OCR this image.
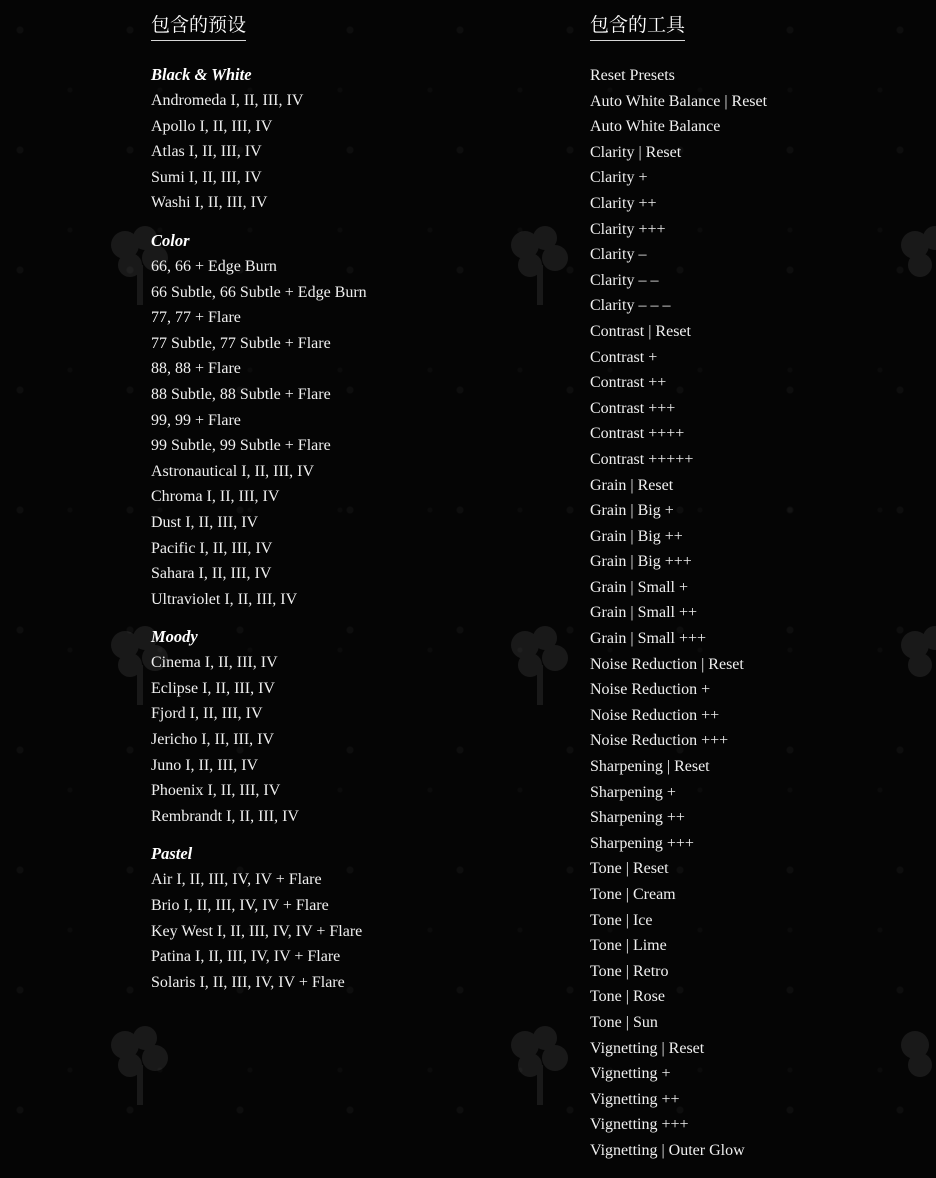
包含的预设
Black & White
Andromeda I, II, III, IV
Apollo I, II, III, IV
Atlas I, II, III, IV
Sumi I, II, III, IV
Washi I, II, III, IV
Color
66, 66 + Edge Burn
66 Subtle, 66 Subtle + Edge Burn
77, 77 + Flare
77 Subtle, 77 Subtle + Flare
88, 88 + Flare
88 Subtle, 88 Subtle + Flare
99, 99 + Flare
99 Subtle, 99 Subtle + Flare
Astronautical I, II, III, IV
Chroma I, II, III, IV
Dust I, II, III, IV
Pacific I, II, III, IV
Sahara I, II, III, IV
Ultraviolet I, II, III, IV
Moody
Cinema I, II, III, IV
Eclipse I, II, III, IV
Fjord I, II, III, IV
Jericho I, II, III, IV
Juno I, II, III, IV
Phoenix I, II, III, IV
Rembrandt I, II, III, IV
Pastel
Air I, II, III, IV, IV + Flare
Brio I, II, III, IV, IV + Flare
Key West I, II, III, IV, IV + Flare
Patina I, II, III, IV, IV + Flare
Solaris I, II, III, IV, IV + Flare
包含的工具
Reset Presets
Auto White Balance | Reset
Auto White Balance
Clarity | Reset
Clarity +
Clarity ++
Clarity +++
Clarity –
Clarity – –
Clarity – – –
Contrast | Reset
Contrast +
Contrast ++
Contrast +++
Contrast ++++
Contrast +++++
Grain | Reset
Grain | Big +
Grain | Big ++
Grain | Big +++
Grain | Small +
Grain | Small ++
Grain | Small +++
Noise Reduction | Reset
Noise Reduction +
Noise Reduction ++
Noise Reduction +++
Sharpening | Reset
Sharpening +
Sharpening ++
Sharpening +++
Tone | Reset
Tone | Cream
Tone | Ice
Tone | Lime
Tone | Retro
Tone | Rose
Tone | Sun
Vignetting | Reset
Vignetting +
Vignetting ++
Vignetting +++
Vignetting | Outer Glow
